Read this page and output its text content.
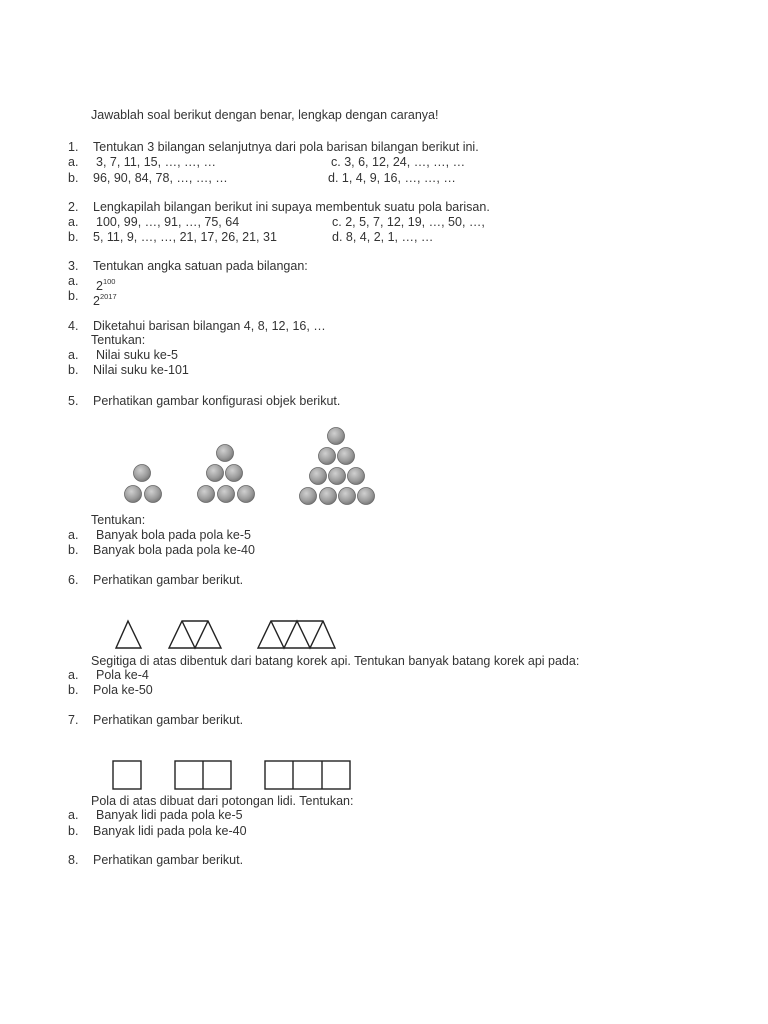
Jawablah soal berikut dengan benar, lengkap dengan caranya!
1. Tentukan 3 bilangan selanjutnya dari pola barisan bilangan berikut ini.
a. 3, 7, 11, 15, …, …, …	c. 3, 6, 12, 24, …, …, …
b. 96, 90, 84, 78, …, …, …	d. 1, 4, 9, 16, …, …, …
2. Lengkapilah bilangan berikut ini supaya membentuk suatu pola barisan.
a. 100, 99, …, 91, …, 75, 64	c. 2, 5, 7, 12, 19, …, 50, …,
b. 5, 11, 9, …, …, 21, 17, 26, 21, 31	d. 8, 4, 2, 1, …, …
3. Tentukan angka satuan pada bilangan:
a. $2^{100}$
b. $2^{2017}$
4. Diketahui barisan bilangan 4, 8, 12, 16, …
Tentukan:
a. Nilai suku ke-5
b. Nilai suku ke-101
5. Perhatikan gambar konfigurasi objek berikut.
Tentukan:
a. Banyak bola pada pola ke-5
b. Banyak bola pada pola ke-40
6. Perhatikan gambar berikut.
Segitiga di atas dibentuk dari batang korek api. Tentukan banyak batang korek api pada:
a. Pola ke-4
b. Pola ke-50
7. Perhatikan gambar berikut.
Pola di atas dibuat dari potongan lidi. Tentukan:
a. Banyak lidi pada pola ke-5
b. Banyak lidi pada pola ke-40
8. Perhatikan gambar berikut.
